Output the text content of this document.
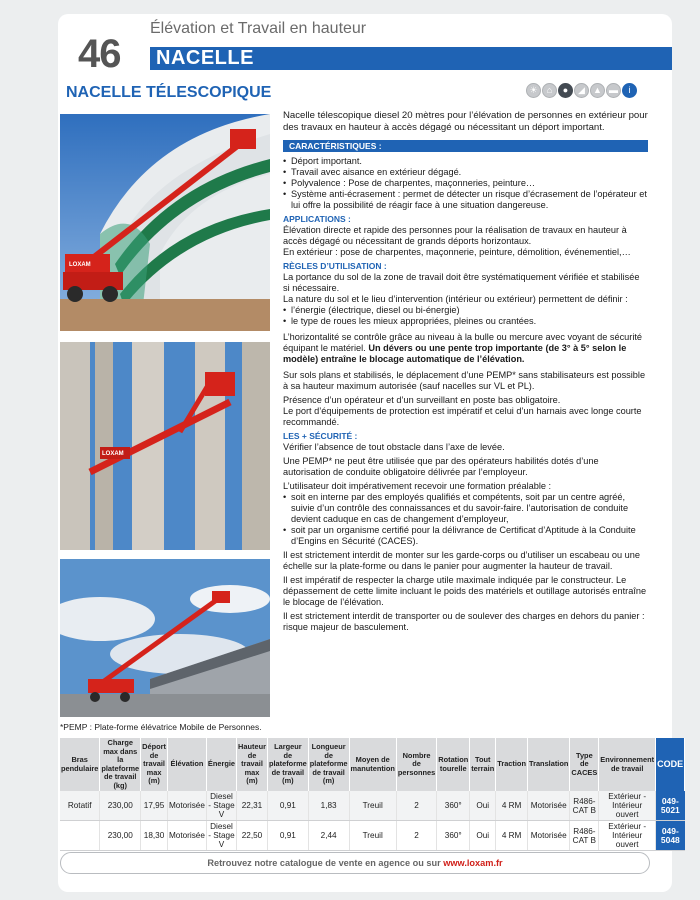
46
Élévation et Travail en hauteur
NACELLE
NACELLE TÉLESCOPIQUE	☀	⌂	●	◢ ▲ ▬	i
LOXAM
LOXAM
*PEMP : Plate-forme élévatrice Mobile de Personnes.

Nacelle télescopique diesel 20 mètres pour l’élévation de personnes en extérieur pour des travaux en hauteur à accès dégagé ou nécessitant un déport important.

CARACTÉRISTIQUES :
• Déport important.
• Travail avec aisance en extérieur dégagé.
• Polyvalence : Pose de charpentes, maçonneries, peinture…
• Système anti-écrasement : permet de détecter un risque d’écrasement de l’opérateur et lui offre la possibilité de réagir face à une situation dangereuse.
APPLICATIONS :

Élévation directe et rapide des personnes pour la réalisation de travaux en hauteur à accès dégagé ou nécessitant de grands déports horizontaux.
En extérieur : pose de charpentes, maçonnerie, peinture, démolition, événementiel,…

RÈGLES D’UTILISATION :

La portance du sol de la zone de travail doit être systématiquement vérifiée et stabilisée si nécessaire.

La nature du sol et le lieu d’intervention (intérieur ou extérieur) permettent de définir :

• l’énergie (électrique, diesel ou bi-énergie)
• le type de roues les mieux appropriées, pleines ou crantées.

L’horizontalité se contrôle grâce au niveau à la bulle ou mercure avec voyant de sécurité équipant le matériel. Un dévers ou une pente trop importante (de 3° à 5° selon le modèle) entraîne le blocage automatique de l’élévation.

Sur sols plans et stabilisés, le déplacement d’une PEMP* sans stabilisateurs est possible à sa hauteur maximum autorisée (sauf nacelles sur VL et PL).

Présence d’un opérateur et d’un surveillant en poste bas obligatoire.

Le port d’équipements de protection est impératif et celui d’un harnais avec longe courte recommandé.

LES + SÉCURITÉ :

Vérifier l’absence de tout obstacle dans l’axe de levée.

Une PEMP* ne peut être utilisée que par des opérateurs habilités dotés d’une autorisation de conduite obligatoire délivrée par l’employeur.

L’utilisateur doit impérativement recevoir une formation préalable :

• soit en interne par des employés qualifiés et compétents, soit par un centre agréé, suivie d’un contrôle des connaissances et du savoir-faire. l’autorisation de conduite devient caduque en cas de changement d’employeur,
• soit par un organisme certifié pour la délivrance de Certificat d’Aptitude à la Conduite d’Engins en Sécurité (CACES).

Il est strictement interdit de monter sur les garde-corps ou d’utiliser un escabeau ou une échelle sur la plate-forme ou dans le panier pour augmenter la hauteur de travail.

Il est impératif de respecter la charge utile maximale indiquée par le constructeur. Le dépassement de cette limite incluant le poids des matériels et outillage autorisés entraîne le blocage de l’élévation.

Il est strictement interdit de transporter ou de soulever des charges en dehors du panier : risque majeur de basculement.

Bras pendulaire	Charge max dans la plateforme de travail (kg)	Déport de travail max (m)	Élévation	Énergie	Hauteur de travail max (m)	Largeur de plateforme de travail (m)	Longueur de plateforme de travail (m)	Moyen de manutention	Nombre de personnes	Rotation tourelle	Tout terrain	Traction	Translation	Type de CACES	Environnement de travail	CODE
Rotatif	230,00	17,95	Motorisée	Diesel - Stage V	22,31	0,91	1,83	Treuil	2	360°	Oui	4 RM	Motorisée	R486-CAT B	Extérieur - Intérieur ouvert	049-5021
	230,00	18,30	Motorisée	Diesel - Stage V	22,50	0,91	2,44	Treuil	2	360°	Oui	4 RM	Motorisée	R486-CAT B	Extérieur - Intérieur ouvert	049-5048
Retrouvez notre catalogue de vente en agence ou sur www.loxam.fr
